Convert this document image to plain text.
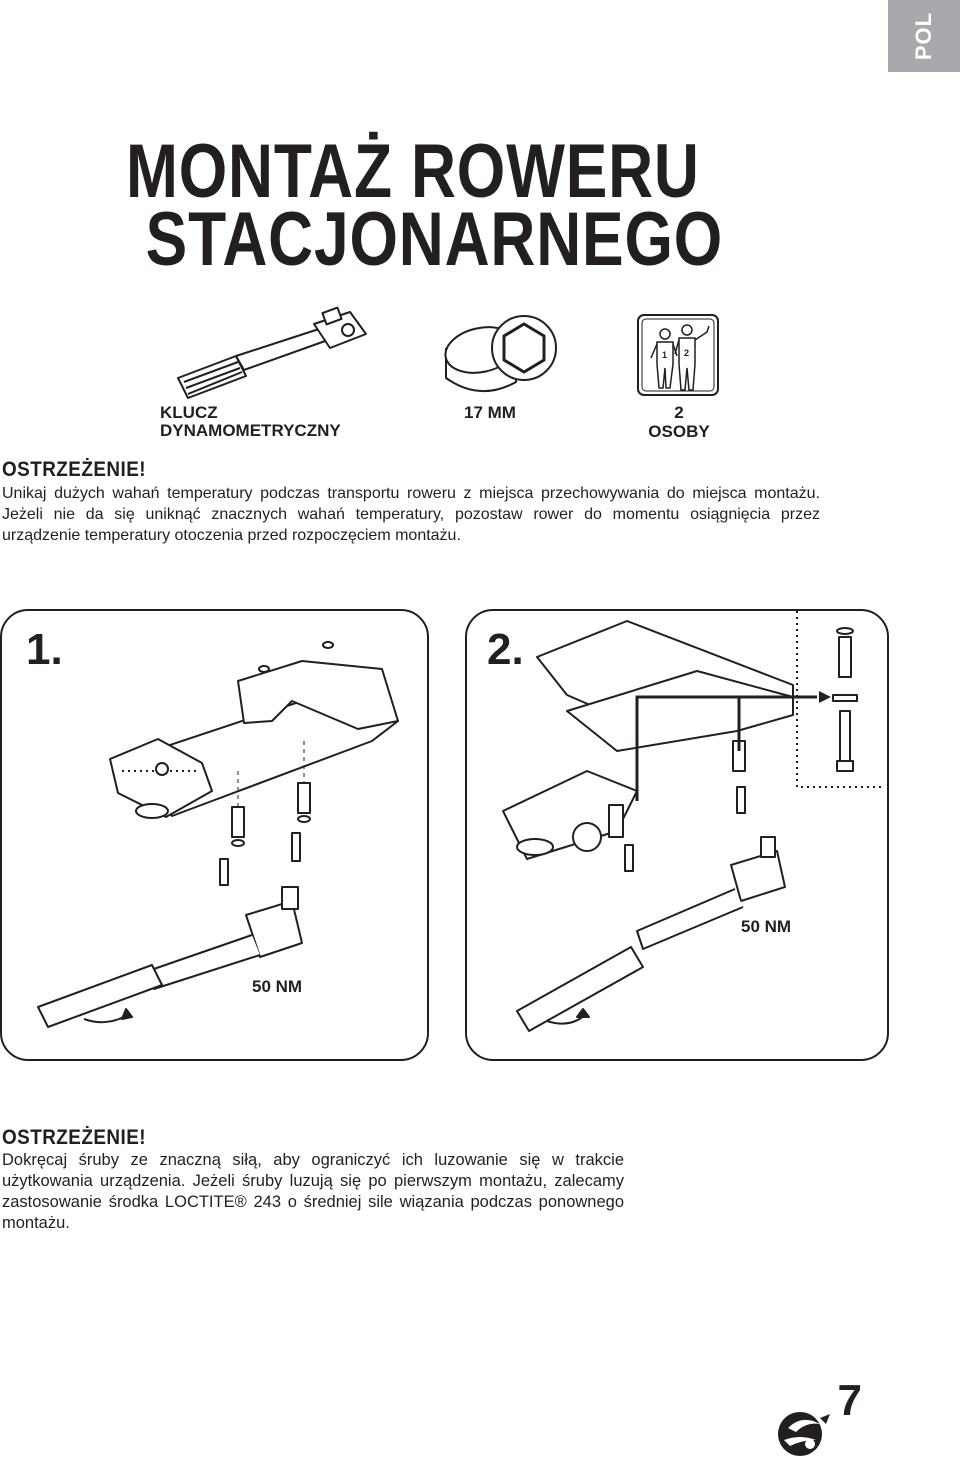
POL
MONTAŻ ROWERU
STACJONARNEGO
1 2
KLUCZ DYNAMOMETRYCZNY
17 MM	2
OSOBY
OSTRZEŻENIE!
Unikaj dużych wahań temperatury podczas transportu roweru z miejsca przechowywania do miejsca montażu. Jeżeli nie da się uniknąć znacznych wahań temperatury, pozostaw rower do momentu osiągnięcia przez urządzenie temperatury otoczenia przed rozpoczęciem montażu.
1.
50 NM
2.
50 NM
OSTRZEŻENIE!
Dokręcaj śruby ze znaczną siłą, aby ograniczyć ich luzowanie się w trakcie użytkowania urządzenia. Jeżeli śruby luzują się po pierwszym montażu, zalecamy zastosowanie środka LOCTITE® 243 o średniej sile wiązania podczas ponownego montażu.
7
